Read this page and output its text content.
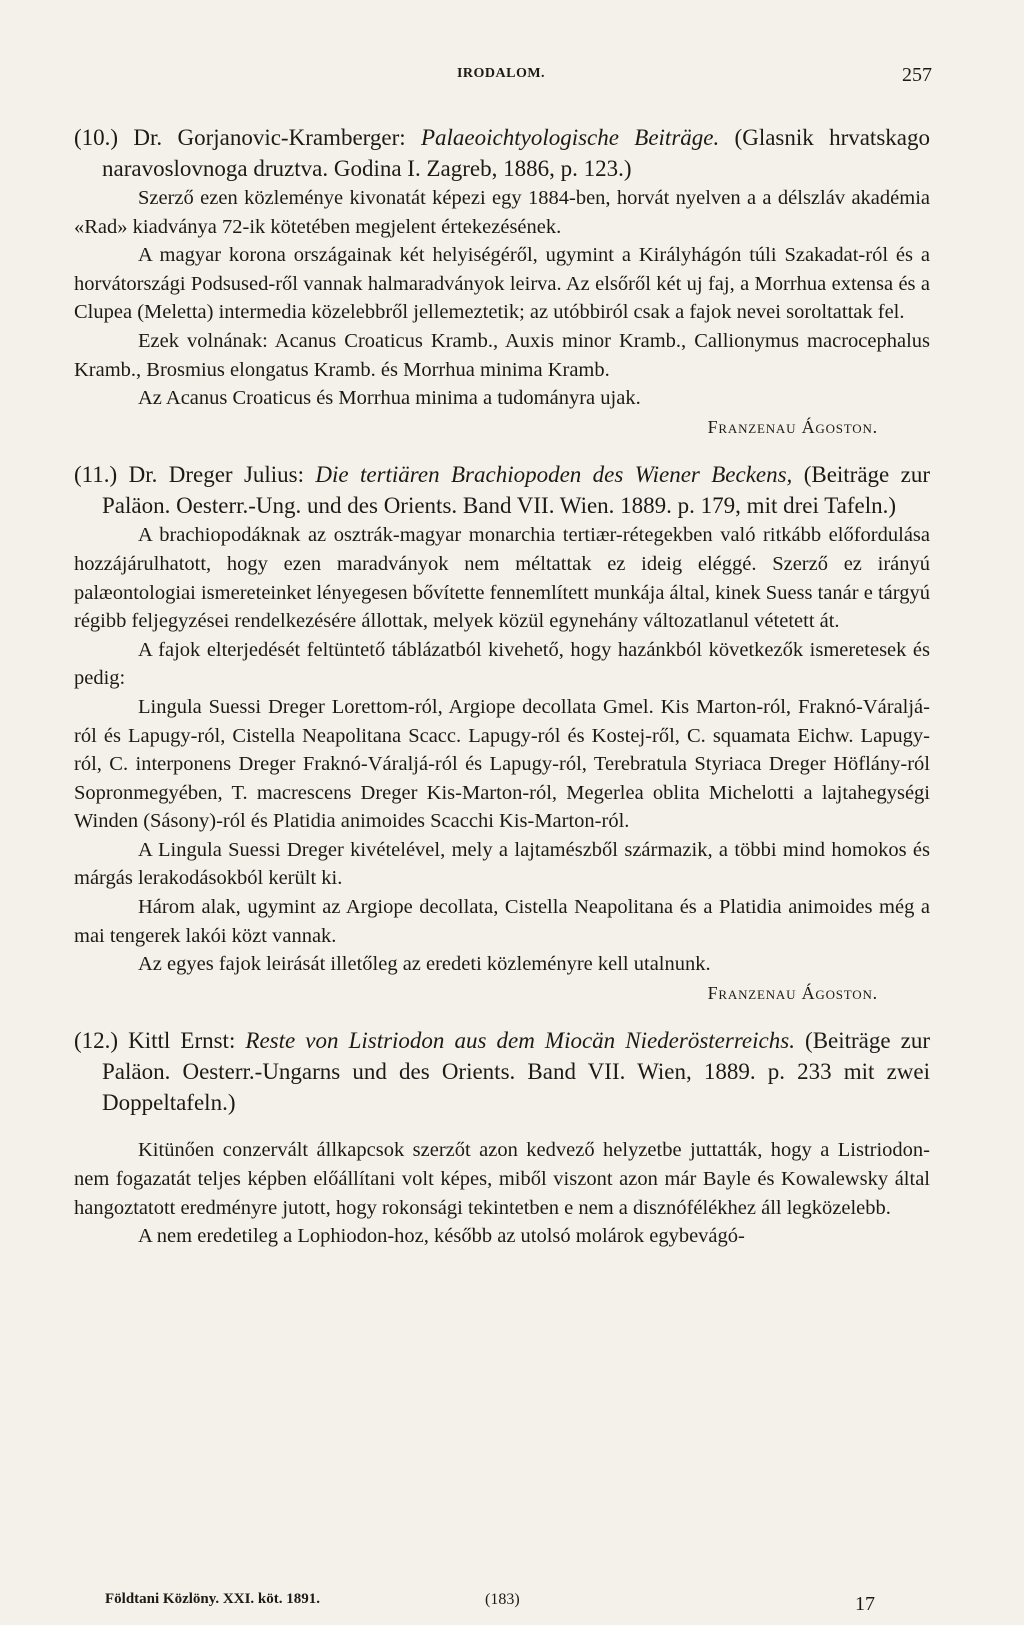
IRODALOM.	257

(10.) Dr. Gorjanovic-Kramberger: Palaeoichtyologische Beiträge. (Glasnik hrvatskago naravoslovnoga druztva. Godina I. Zagreb, 1886, p. 123.)

Szerző ezen közleménye kivonatát képezi egy 1884-ben, horvát nyelven a a délszláv akadémia «Rad» kiadványa 72-ik kötetében megjelent értekezésének.

A magyar korona országainak két helyiségéről, ugymint a Királyhágón túli Szakadat-ról és a horvátországi Podsused-ről vannak halmaradványok leirva. Az elsőről két uj faj, a Morrhua extensa és a Clupea (Meletta) intermedia közelebbről jellemeztetik; az utóbbiról csak a fajok nevei soroltattak fel.

Ezek volnának: Acanus Croaticus Kramb., Auxis minor Kramb., Callionymus macrocephalus Kramb., Brosmius elongatus Kramb. és Morrhua minima Kramb.

Az Acanus Croaticus és Morrhua minima a tudományra ujak.

Franzenau Ágoston.

(11.) Dr. Dreger Julius: Die tertiären Brachiopoden des Wiener Beckens, (Beiträge zur Paläon. Oesterr.-Ung. und des Orients. Band VII. Wien. 1889. p. 179, mit drei Tafeln.)

A brachiopodáknak az osztrák-magyar monarchia tertiær-rétegekben való ritkább előfordulása hozzájárulhatott, hogy ezen maradványok nem méltattak ez ideig eléggé. Szerző ez irányú palæontologiai ismereteinket lényegesen bővítette fennemlített munkája által, kinek Suess tanár e tárgyú régibb feljegyzései rendelkezésére állottak, melyek közül egynehány változatlanul vétetett át.

A fajok elterjedését feltüntető táblázatból kivehető, hogy hazánkból következők ismeretesek és pedig:

Lingula Suessi Dreger Lorettom-ról, Argiope decollata Gmel. Kis Marton-ról, Fraknó-Váraljá-ról és Lapugy-ról, Cistella Neapolitana Scacc. Lapugy-ról és Kostej-ről, C. squamata Eichw. Lapugy-ról, C. interponens Dreger Fraknó-Váraljá-ról és Lapugy-ról, Terebratula Styriaca Dreger Höflány-ról Sopronmegyében, T. macrescens Dreger Kis-Marton-ról, Megerlea oblita Michelotti a lajtahegységi Winden (Sásony)-ról és Platidia animoides Scacchi Kis-Marton-ról.

A Lingula Suessi Dreger kivételével, mely a lajtamészből származik, a többi mind homokos és márgás lerakodásokból került ki.

Három alak, ugymint az Argiope decollata, Cistella Neapolitana és a Platidia animoides még a mai tengerek lakói közt vannak.

Az egyes fajok leirását illetőleg az eredeti közleményre kell utalnunk.

Franzenau Ágoston.

(12.) Kittl Ernst: Reste von Listriodon aus dem Miocän Niederösterreichs. (Beiträge zur Paläon. Oesterr.-Ungarns und des Orients. Band VII. Wien, 1889. p. 233 mit zwei Doppeltafeln.)

Kitünően conzervált állkapcsok szerzőt azon kedvező helyzetbe juttatták, hogy a Listriodon-nem fogazatát teljes képben előállítani volt képes, miből viszont azon már Bayle és Kowalewsky által hangoztatott eredményre jutott, hogy rokonsági tekintetben e nem a disznófélékhez áll legközelebb.

A nem eredetileg a Lophiodon-hoz, később az utolsó molárok egybevágó-

Földtani Közlöny. XXI. köt. 1891.	(183)	17
